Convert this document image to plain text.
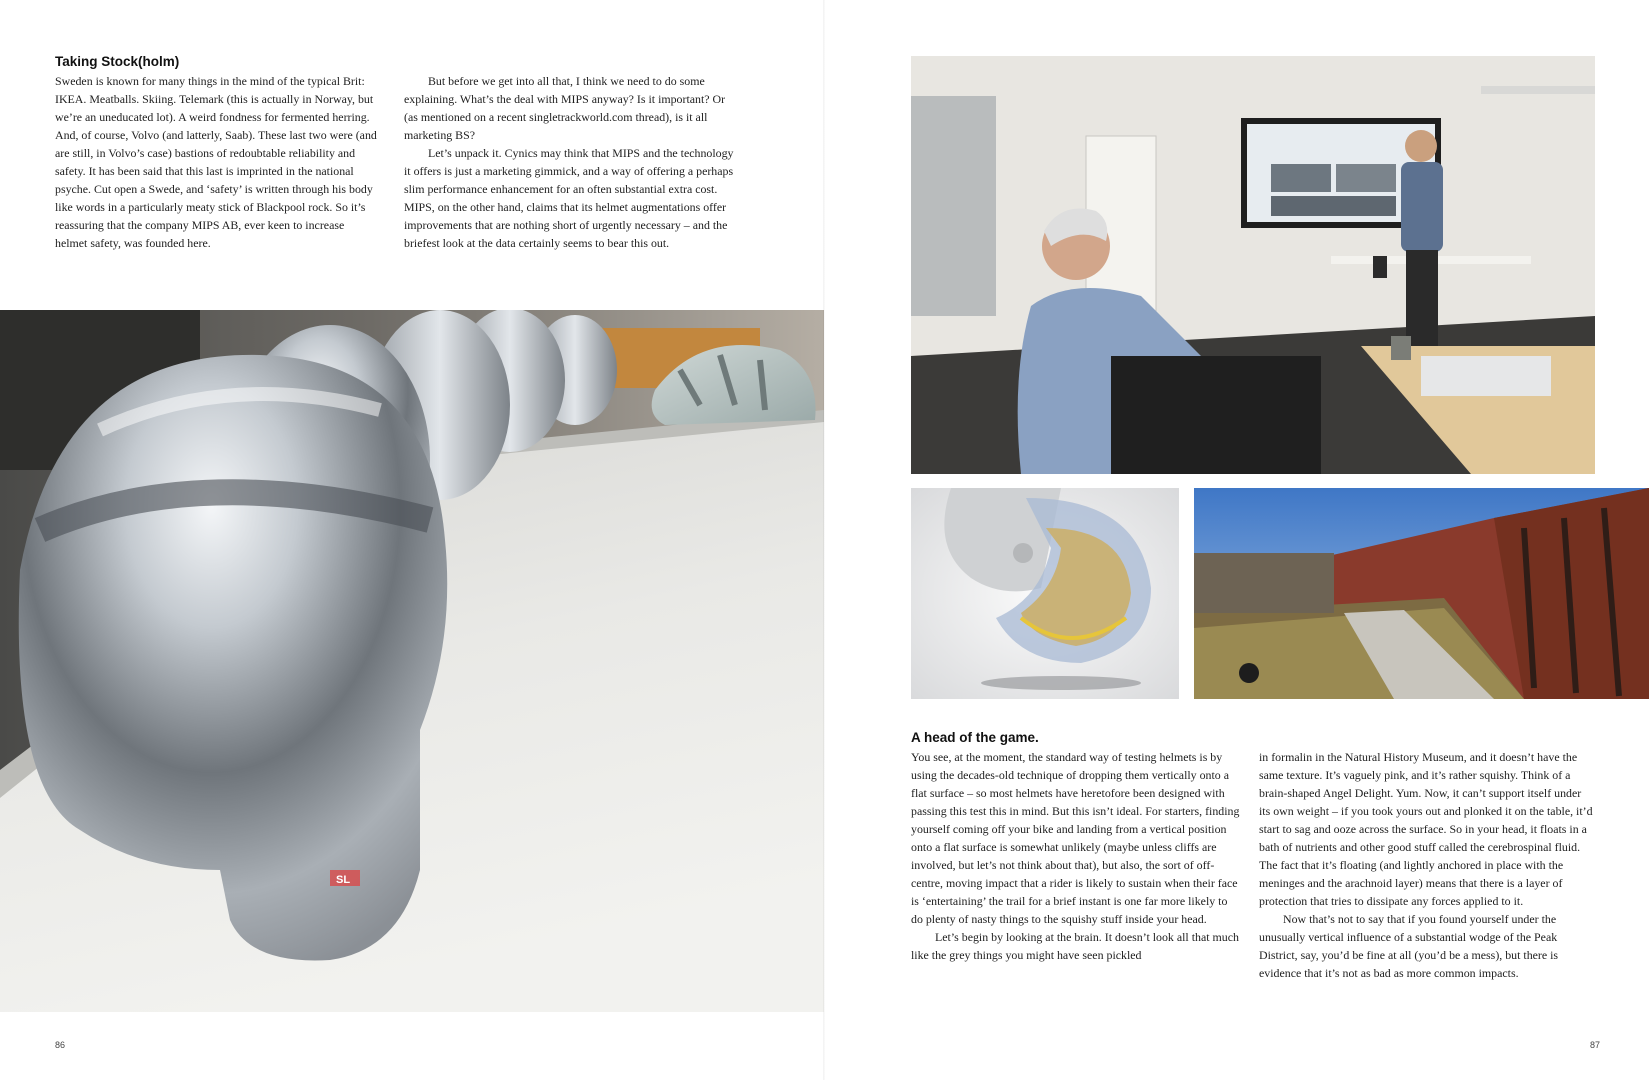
Taking Stock(holm)

Sweden is known for many things in the mind of the typical Brit: IKEA. Meatballs. Skiing. Telemark (this is actually in Norway, but we’re an uneducated lot). A weird fondness for fermented herring. And, of course, Volvo (and latterly, Saab). These last two were (and are still, in Volvo’s case) bastions of redoubtable reliability and safety. It has been said that this last is imprinted in the national psyche. Cut open a Swede, and ‘safety’ is written through his body like words in a particularly meaty stick of Blackpool rock. So it’s reassuring that the company MIPS AB, ever keen to increase helmet safety, was founded here.

But before we get into all that, I think we need to do some explaining. What’s the deal with MIPS anyway? Is it important? Or (as mentioned on a recent singletrackworld.com thread), is it all marketing BS?

Let’s unpack it. Cynics may think that MIPS and the technology it offers is just a marketing gimmick, and a way of offering a perhaps slim performance enhancement for an often substantial extra cost. MIPS, on the other hand, claims that its helmet augmentations offer improvements that are nothing short of urgently necessary – and the briefest look at the data certainly seems to bear this out.

SL
86
A head of the game.

You see, at the moment, the standard way of testing helmets is by using the decades-old technique of dropping them vertically onto a flat surface – so most helmets have heretofore been designed with passing this test this in mind. But this isn’t ideal. For starters, finding yourself coming off your bike and landing from a vertical position onto a flat surface is somewhat unlikely (maybe unless cliffs are involved, but let’s not think about that), but also, the sort of off-centre, moving impact that a rider is likely to sustain when their face is ‘entertaining’ the trail for a brief instant is one far more likely to do plenty of nasty things to the squishy stuff inside your head.

Let’s begin by looking at the brain. It doesn’t look all that much like the grey things you might have seen pickled

in formalin in the Natural History Museum, and it doesn’t have the same texture. It’s vaguely pink, and it’s rather squishy. Think of a brain-shaped Angel Delight. Yum. Now, it can’t support itself under its own weight – if you took yours out and plonked it on the table, it’d start to sag and ooze across the surface. So in your head, it floats in a bath of nutrients and other good stuff called the cerebrospinal fluid. The fact that it’s floating (and lightly anchored in place with the meninges and the arachnoid layer) means that there is a layer of protection that tries to dissipate any forces applied to it.

Now that’s not to say that if you found yourself under the unusually vertical influence of a substantial wodge of the Peak District, say, you’d be fine at all (you’d be a mess), but there is evidence that it’s not as bad as more common impacts.

87
